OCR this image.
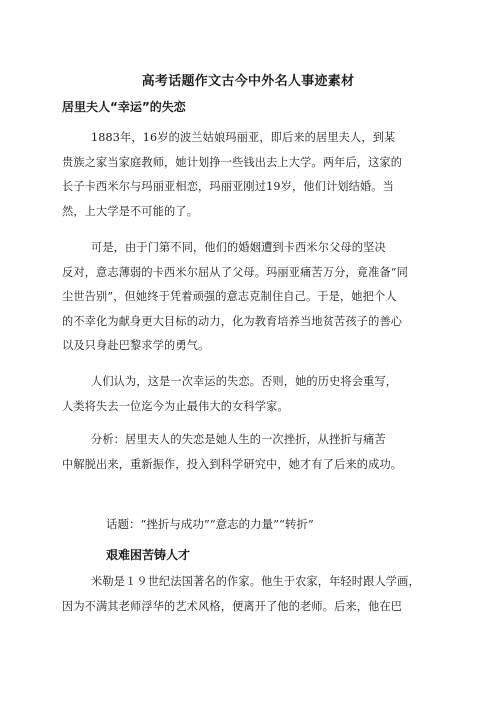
高考话题作文古今中外名人事迹素材
居里夫人“幸运”的失恋
1883年，16岁的波兰姑娘玛丽亚，即后来的居里夫人，到某
贵族之家当家庭教师，她计划挣一些钱出去上大学。两年后，这家的
长子卡西米尔与玛丽亚相恋，玛丽亚刚过19岁，他们计划结婚。当
然，上大学是不可能的了。
可是，由于门第不同，他们的婚姻遭到卡西米尔父母的坚决
反对，意志薄弱的卡西米尔屈从了父母。玛丽亚痛苦万分，竟准备“同
尘世告别”，但她终于凭着顽强的意志克制住自己。于是，她把个人
的不幸化为献身更大目标的动力，化为教育培养当地贫苦孩子的善心
以及只身赴巴黎求学的勇气。
人们认为，这是一次幸运的失恋。否则，她的历史将会重写，
人类将失去一位迄今为止最伟大的女科学家。
分析：居里夫人的失恋是她人生的一次挫折，从挫折与痛苦
中解脱出来，重新振作，投入到科学研究中，她才有了后来的成功。
话题：“挫折与成功”“意志的力量”“转折”
艰难困苦铸人才
米勒是１９世纪法国著名的作家。他生于农家，年轻时跟人学画，
因为不满其老师浮华的艺术风格，便离开了他的老师。后来，他在巴
